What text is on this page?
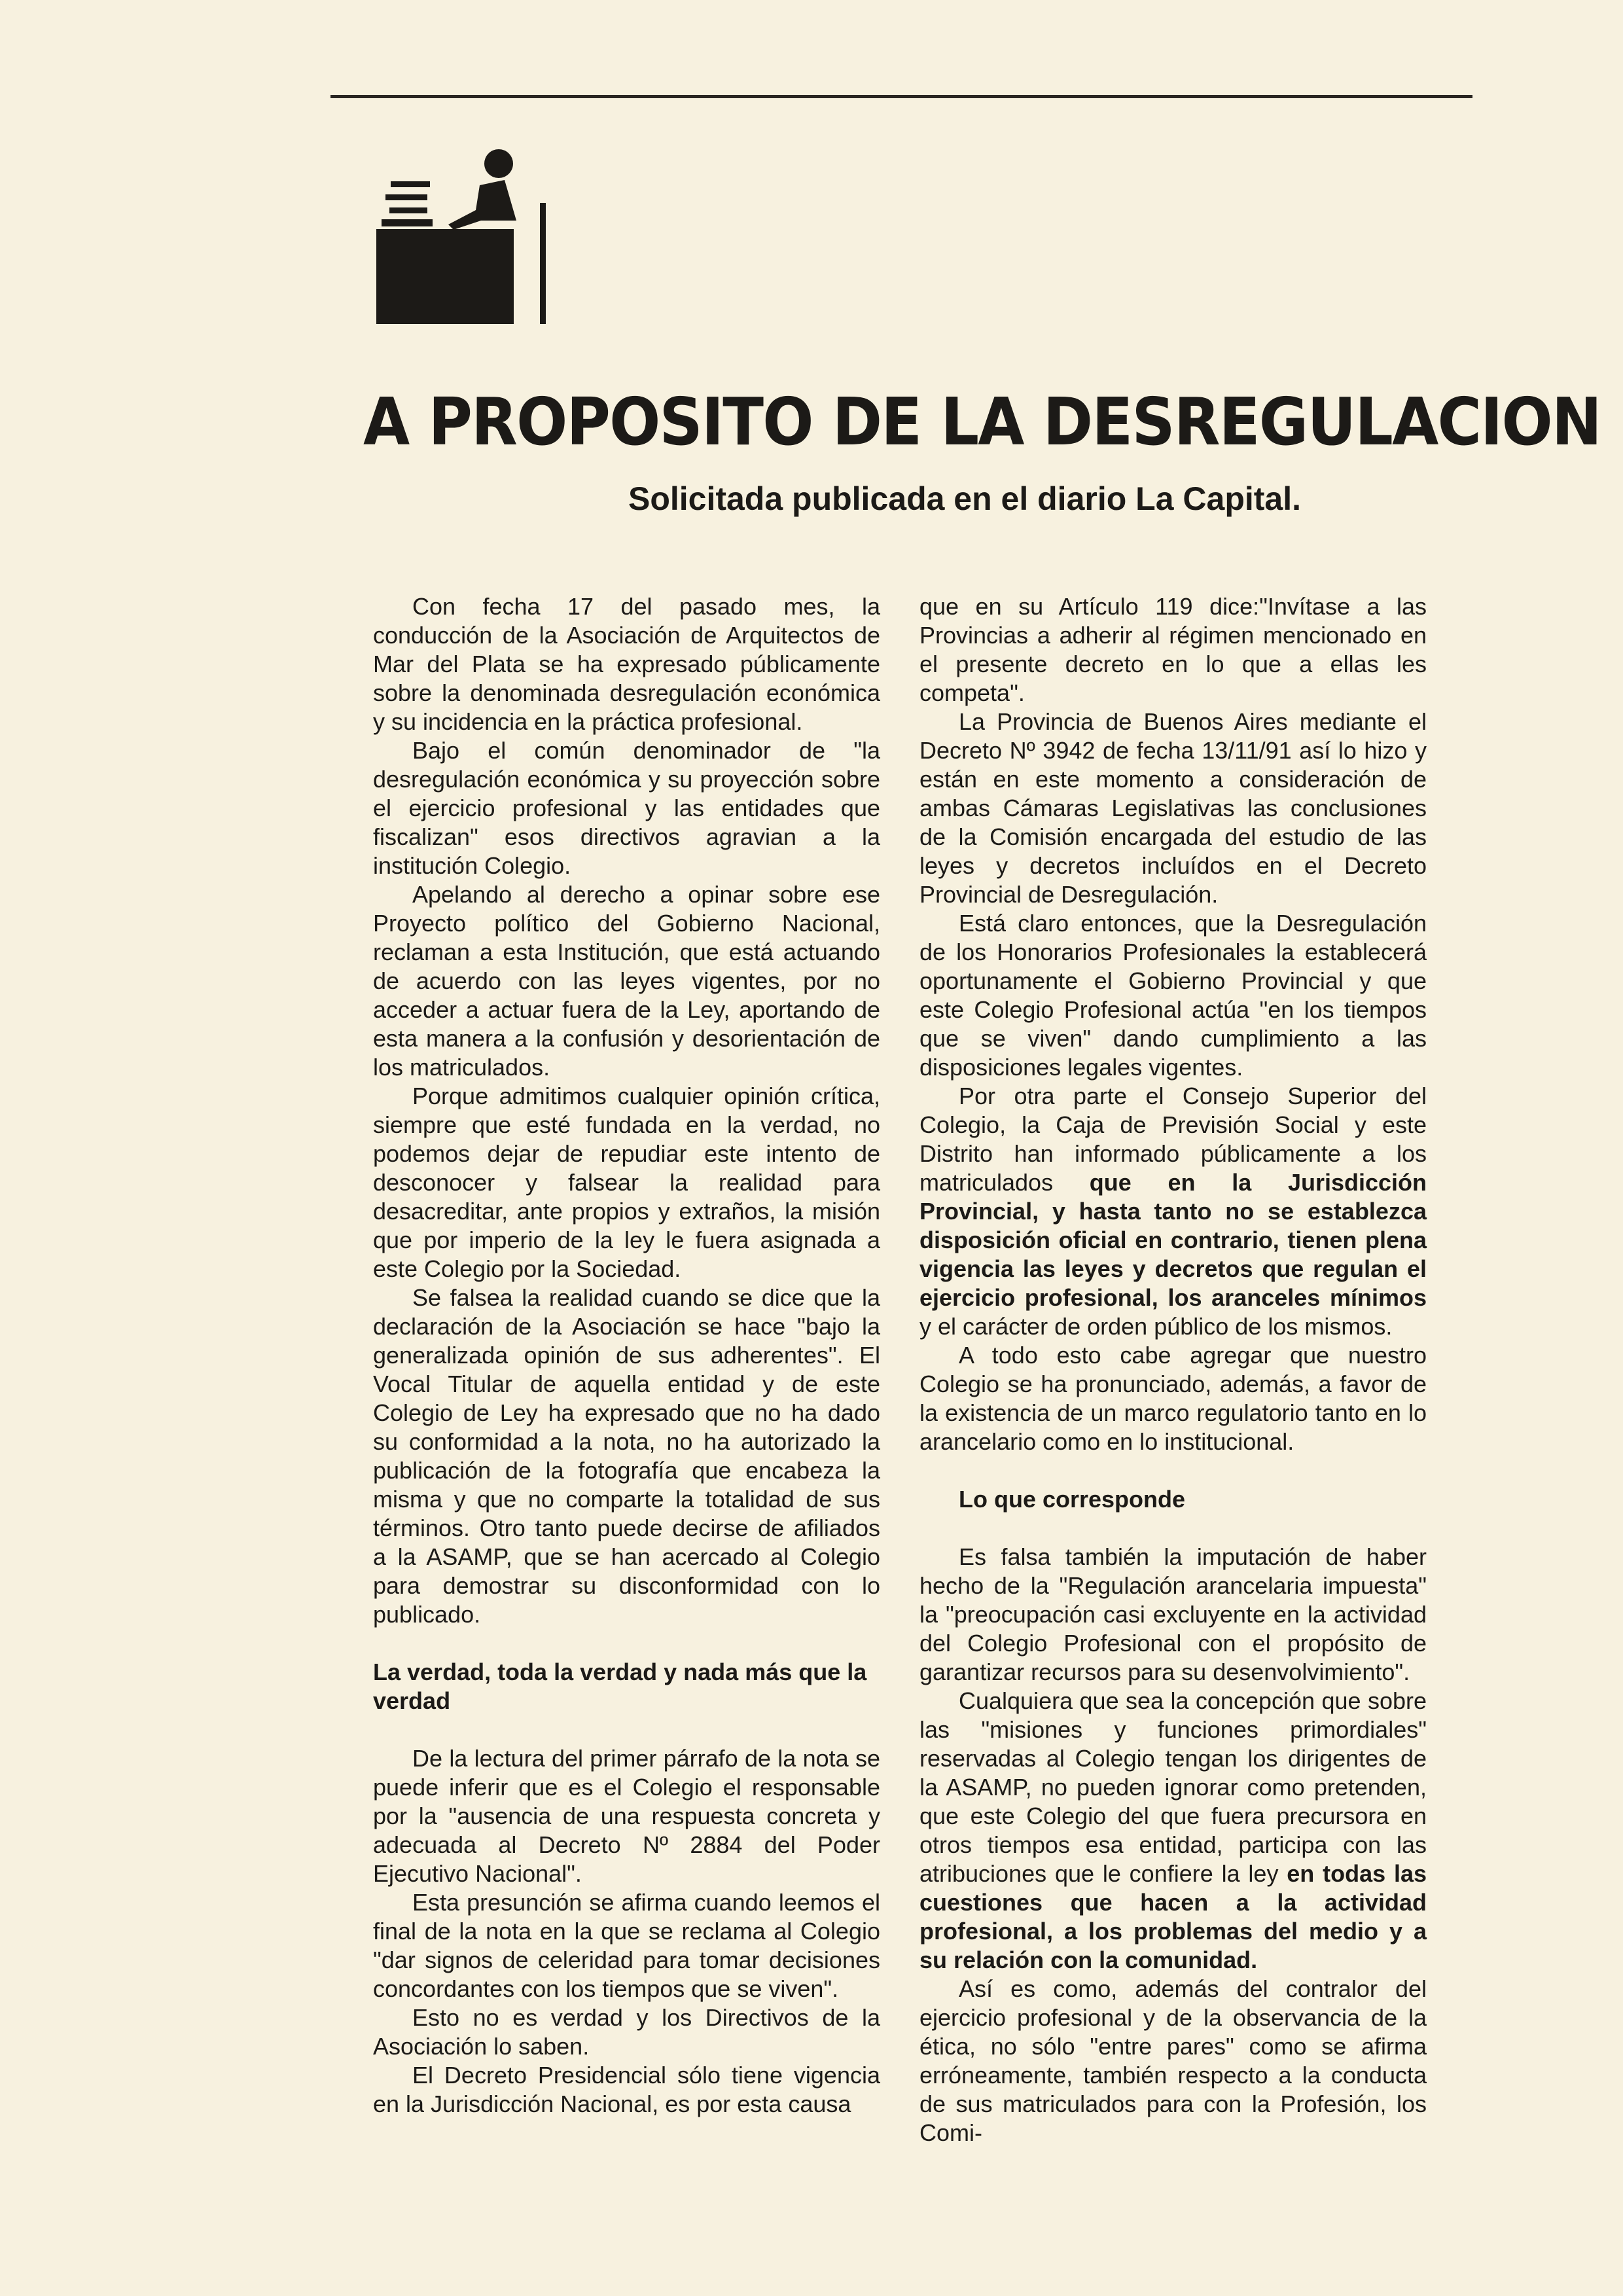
A PROPOSITO DE LA DESREGULACION
Solicitada publicada en el diario La Capital.

Con fecha 17 del pasado mes, la conducción de la Asociación de Arquitectos de Mar del Plata se ha expresado públicamente sobre la denominada desregulación económica y su incidencia en la práctica profesional.

Bajo el común denominador de "la desregulación económica y su proyección sobre el ejercicio profesional y las entidades que fiscalizan" esos directivos agravian a la institución Colegio.

Apelando al derecho a opinar sobre ese Proyecto político del Gobierno Nacional, reclaman a esta Institución, que está actuando de acuerdo con las leyes vigentes, por no acceder a actuar fuera de la Ley, aportando de esta manera a la confusión y desorientación de los matriculados.

Porque admitimos cualquier opinión crítica, siempre que esté fundada en la verdad, no podemos dejar de repudiar este intento de desconocer y falsear la realidad para desacreditar, ante propios y extraños, la misión que por imperio de la ley le fuera asignada a este Colegio por la Sociedad.

Se falsea la realidad cuando se dice que la declaración de la Asociación se hace "bajo la generalizada opinión de sus adherentes". El Vocal Titular de aquella entidad y de este Colegio de Ley ha expresado que no ha dado su conformidad a la nota, no ha autorizado la publicación de la fotografía que encabeza la misma y que no comparte la totalidad de sus términos. Otro tanto puede decirse de afiliados a la ASAMP, que se han acercado al Colegio para demostrar su disconformidad con lo publicado.

La verdad, toda la verdad y nada más que la verdad

De la lectura del primer párrafo de la nota se puede inferir que es el Colegio el responsable por la "ausencia de una respuesta concreta y adecuada al Decreto Nº 2884 del Poder Ejecutivo Nacional".

Esta presunción se afirma cuando leemos el final de la nota en la que se reclama al Colegio "dar signos de celeridad para tomar decisiones concordantes con los tiempos que se viven".

Esto no es verdad y los Directivos de la Asociación lo saben.

El Decreto Presidencial sólo tiene vigencia en la Jurisdicción Nacional, es por esta causa

que en su Artículo 119 dice:"Invítase a las Provincias a adherir al régimen mencionado en el presente decreto en lo que a ellas les competa".

La Provincia de Buenos Aires mediante el Decreto Nº 3942 de fecha 13/11/91 así lo hizo y están en este momento a consideración de ambas Cámaras Legislativas las conclusiones de la Comisión encargada del estudio de las leyes y decretos incluídos en el Decreto Provincial de Desregulación.

Está claro entonces, que la Desregulación de los Honorarios Profesionales la establecerá oportunamente el Gobierno Provincial y que este Colegio Profesional actúa "en los tiempos que se viven" dando cumplimiento a las disposiciones legales vigentes.

Por otra parte el Consejo Superior del Colegio, la Caja de Previsión Social y este Distrito han informado públicamente a los matriculados que en la Jurisdicción Provincial, y hasta tanto no se establezca disposición oficial en contrario, tienen plena vigencia las leyes y decretos que regulan el ejercicio profesional, los aranceles mínimos y el carácter de orden público de los mismos.

A todo esto cabe agregar que nuestro Colegio se ha pronunciado, además, a favor de la existencia de un marco regulatorio tanto en lo arancelario como en lo institucional.

Lo que corresponde

Es falsa también la imputación de haber hecho de la "Regulación arancelaria impuesta" la "preocupación casi excluyente en la actividad del Colegio Profesional con el propósito de garantizar recursos para su desenvolvimiento".

Cualquiera que sea la concepción que sobre las "misiones y funciones primordiales" reservadas al Colegio tengan los dirigentes de la ASAMP, no pueden ignorar como pretenden, que este Colegio del que fuera precursora en otros tiempos esa entidad, participa con las atribuciones que le confiere la ley en todas las cuestiones que hacen a la actividad profesional, a los problemas del medio y a su relación con la comunidad.

Así es como, además del contralor del ejercicio profesional y de la observancia de la ética, no sólo "entre pares" como se afirma erróneamente, también respecto a la conducta de sus matriculados para con la Profesión, los Comi-
